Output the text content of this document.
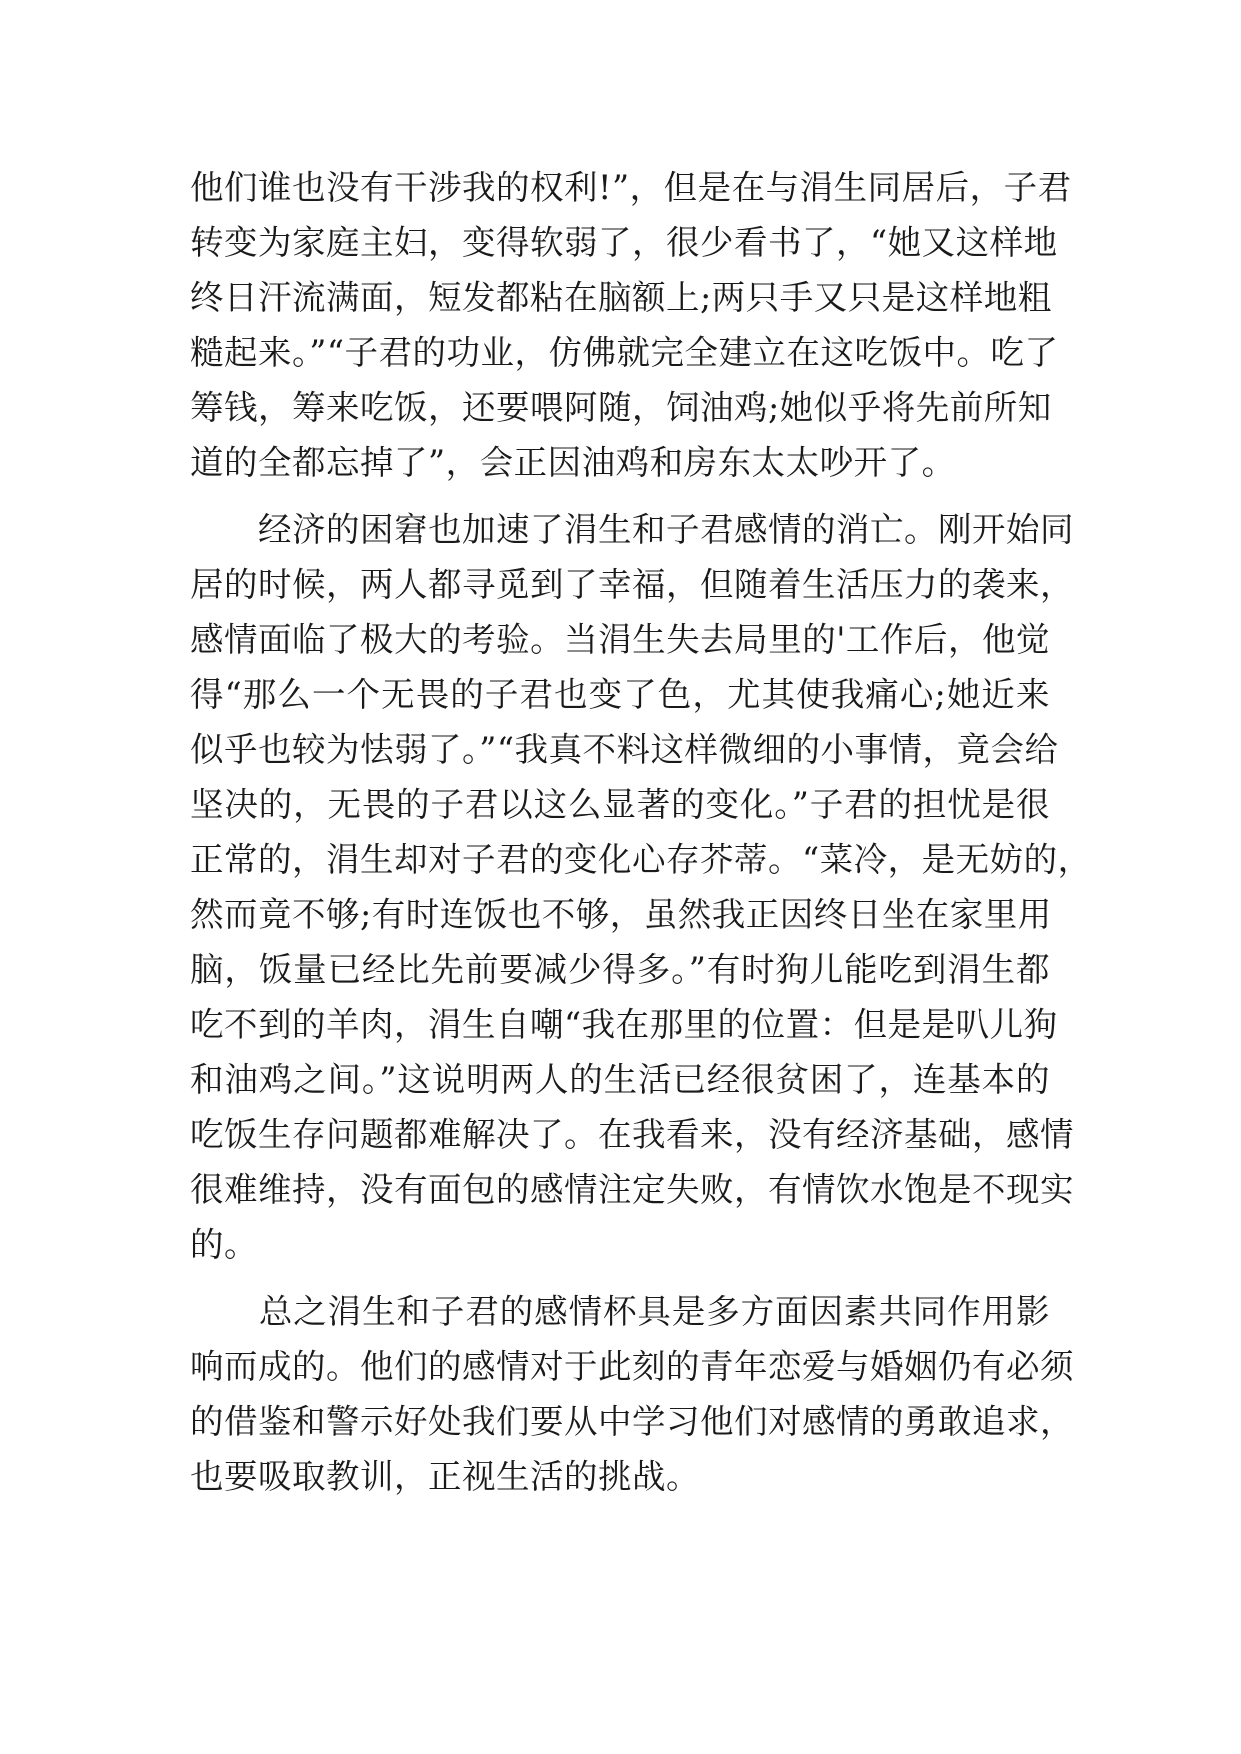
他们谁也没有干涉我的权利!”，但是在与涓生同居后，子君
转变为家庭主妇，变得软弱了，很少看书了，“她又这样地
终日汗流满面，短发都粘在脑额上;两只手又只是这样地粗
糙起来。”“子君的功业，仿佛就完全建立在这吃饭中。吃了
筹钱，筹来吃饭，还要喂阿随，饲油鸡;她似乎将先前所知
道的全都忘掉了”，会正因油鸡和房东太太吵开了。
　　经济的困窘也加速了涓生和子君感情的消亡。刚开始同
居的时候，两人都寻觅到了幸福，但随着生活压力的袭来，
感情面临了极大的考验。当涓生失去局里的'工作后，他觉
得“那么一个无畏的子君也变了色，尤其使我痛心;她近来
似乎也较为怯弱了。”“我真不料这样微细的小事情，竟会给
坚决的，无畏的子君以这么显著的变化。”子君的担忧是很
正常的，涓生却对子君的变化心存芥蒂。“菜冷，是无妨的，
然而竟不够;有时连饭也不够，虽然我正因终日坐在家里用
脑，饭量已经比先前要减少得多。”有时狗儿能吃到涓生都
吃不到的羊肉，涓生自嘲“我在那里的位置：但是是叭儿狗
和油鸡之间。”这说明两人的生活已经很贫困了，连基本的
吃饭生存问题都难解决了。在我看来，没有经济基础，感情
很难维持，没有面包的感情注定失败，有情饮水饱是不现实
的。
　　总之涓生和子君的感情杯具是多方面因素共同作用影
响而成的。他们的感情对于此刻的青年恋爱与婚姻仍有必须
的借鉴和警示好处我们要从中学习他们对感情的勇敢追求，
也要吸取教训，正视生活的挑战。
